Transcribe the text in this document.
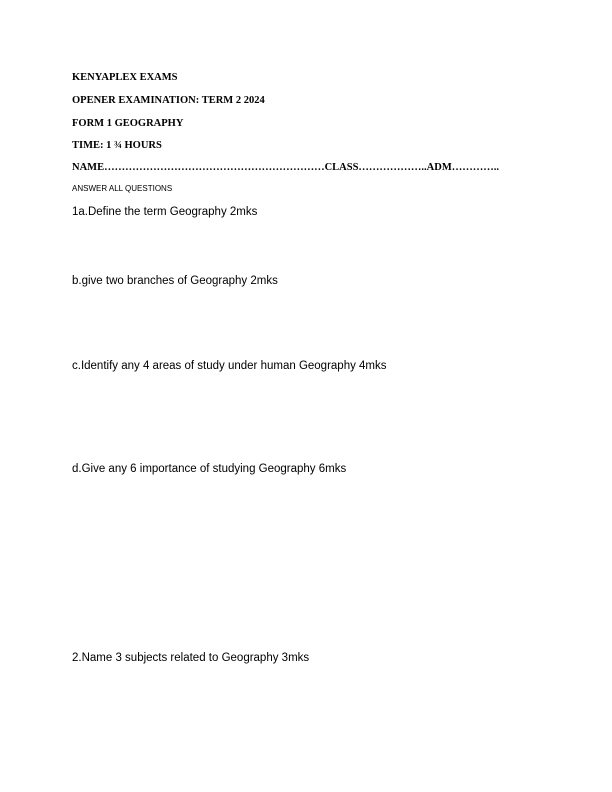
KENYAPLEX EXAMS
OPENER EXAMINATION: TERM 2 2024
FORM 1 GEOGRAPHY
TIME: 1 ¾ HOURS
NAME………………………………………………………CLASS………………..ADM…………..
ANSWER ALL QUESTIONS
1a.Define the term Geography 2mks
b.give two branches of Geography 2mks
c.Identify any 4 areas of study under human Geography 4mks
d.Give any 6 importance of studying Geography 6mks
2.Name 3 subjects related to Geography 3mks
